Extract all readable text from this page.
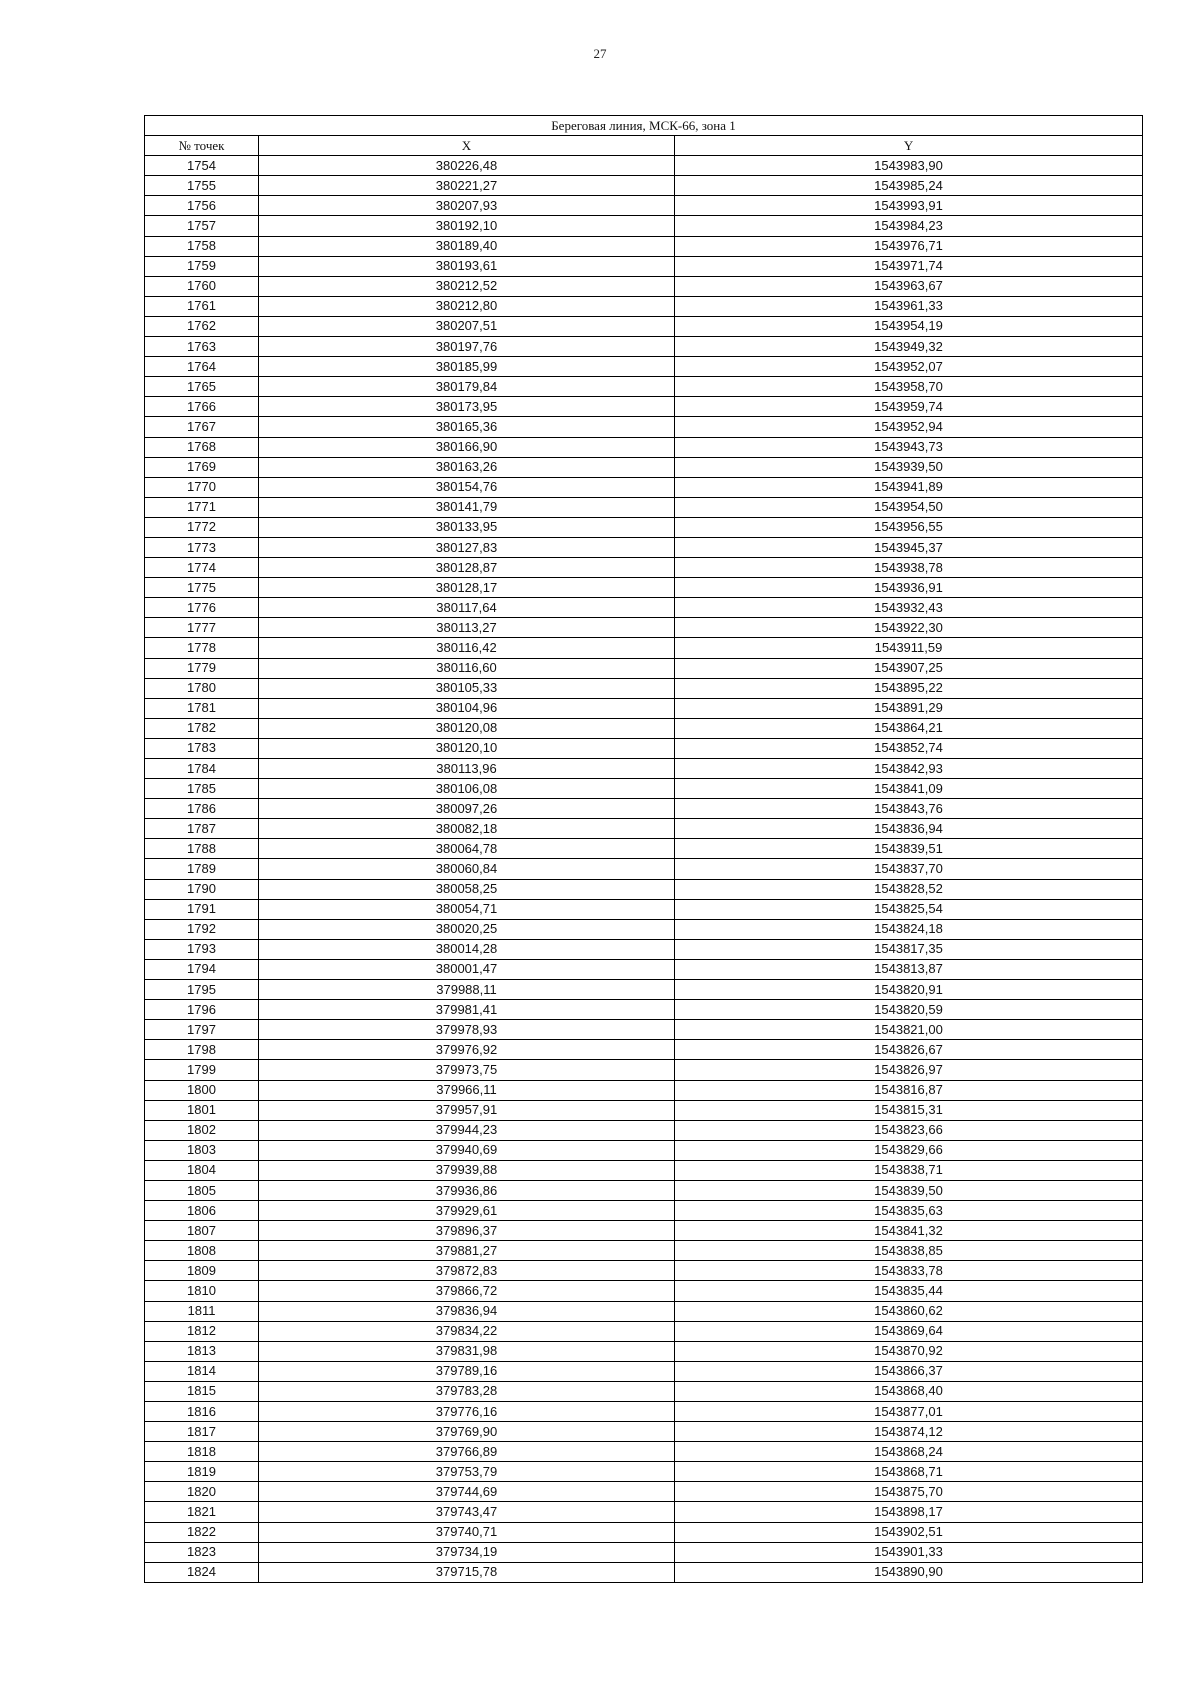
27
Береговая линия, МСК-66, зона 1		
№ точек	X	Y
1754	380226,48	1543983,90
1755	380221,27	1543985,24
1756	380207,93	1543993,91
1757	380192,10	1543984,23
1758	380189,40	1543976,71
1759	380193,61	1543971,74
1760	380212,52	1543963,67
1761	380212,80	1543961,33
1762	380207,51	1543954,19
1763	380197,76	1543949,32
1764	380185,99	1543952,07
1765	380179,84	1543958,70
1766	380173,95	1543959,74
1767	380165,36	1543952,94
1768	380166,90	1543943,73
1769	380163,26	1543939,50
1770	380154,76	1543941,89
1771	380141,79	1543954,50
1772	380133,95	1543956,55
1773	380127,83	1543945,37
1774	380128,87	1543938,78
1775	380128,17	1543936,91
1776	380117,64	1543932,43
1777	380113,27	1543922,30
1778	380116,42	1543911,59
1779	380116,60	1543907,25
1780	380105,33	1543895,22
1781	380104,96	1543891,29
1782	380120,08	1543864,21
1783	380120,10	1543852,74
1784	380113,96	1543842,93
1785	380106,08	1543841,09
1786	380097,26	1543843,76
1787	380082,18	1543836,94
1788	380064,78	1543839,51
1789	380060,84	1543837,70
1790	380058,25	1543828,52
1791	380054,71	1543825,54
1792	380020,25	1543824,18
1793	380014,28	1543817,35
1794	380001,47	1543813,87
1795	379988,11	1543820,91
1796	379981,41	1543820,59
1797	379978,93	1543821,00
1798	379976,92	1543826,67
1799	379973,75	1543826,97
1800	379966,11	1543816,87
1801	379957,91	1543815,31
1802	379944,23	1543823,66
1803	379940,69	1543829,66
1804	379939,88	1543838,71
1805	379936,86	1543839,50
1806	379929,61	1543835,63
1807	379896,37	1543841,32
1808	379881,27	1543838,85
1809	379872,83	1543833,78
1810	379866,72	1543835,44
1811	379836,94	1543860,62
1812	379834,22	1543869,64
1813	379831,98	1543870,92
1814	379789,16	1543866,37
1815	379783,28	1543868,40
1816	379776,16	1543877,01
1817	379769,90	1543874,12
1818	379766,89	1543868,24
1819	379753,79	1543868,71
1820	379744,69	1543875,70
1821	379743,47	1543898,17
1822	379740,71	1543902,51
1823	379734,19	1543901,33
1824	379715,78	1543890,90
